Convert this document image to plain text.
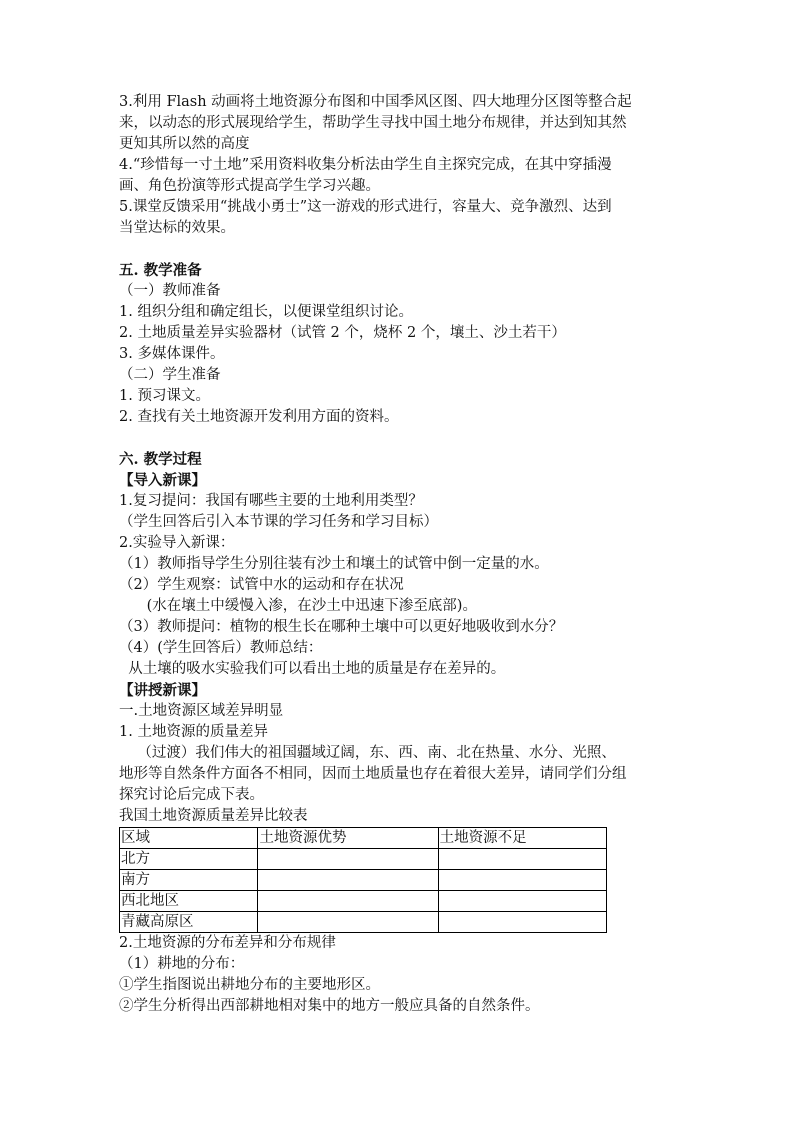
3.利用 Flash 动画将土地资源分布图和中国季风区图、四大地理分区图等整合起
来，以动态的形式展现给学生，帮助学生寻找中国土地分布规律，并达到知其然
更知其所以然的高度
4.“珍惜每一寸土地”采用资料收集分析法由学生自主探究完成，在其中穿插漫
画、角色扮演等形式提高学生学习兴趣。
5.课堂反馈采用“挑战小勇士”这一游戏的形式进行，容量大、竞争激烈、达到
当堂达标的效果。
五. 教学准备
（一）教师准备
1. 组织分组和确定组长，以便课堂组织讨论。
2. 土地质量差异实验器材（试管 2 个，烧杯 2 个，壤土、沙土若干）
3. 多媒体课件。
（二）学生准备
1. 预习课文。
2. 查找有关土地资源开发利用方面的资料。
六. 教学过程
【导入新课】
1.复习提问：我国有哪些主要的土地利用类型？
（学生回答后引入本节课的学习任务和学习目标）
2.实验导入新课：
（1）教师指导学生分别往装有沙土和壤土的试管中倒一定量的水。
（2）学生观察：试管中水的运动和存在状况
(水在壤土中缓慢入渗，在沙土中迅速下渗至底部)。
（3）教师提问：植物的根生长在哪种土壤中可以更好地吸收到水分？
（4）(学生回答后）教师总结：
从土壤的吸水实验我们可以看出土地的质量是存在差异的。
【讲授新课】
一.土地资源区域差异明显
1. 土地资源的质量差异
（过渡）我们伟大的祖国疆域辽阔，东、西、南、北在热量、水分、光照、
地形等自然条件方面各不相同，因而土地质量也存在着很大差异，请同学们分组
探究讨论后完成下表。
我国土地资源质量差异比较表
区域	土地资源优势	土地资源不足
北方		
南方		
西北地区		
青藏高原区		
2.土地资源的分布差异和分布规律
（1）耕地的分布：
①学生指图说出耕地分布的主要地形区。
②学生分析得出西部耕地相对集中的地方一般应具备的自然条件。
